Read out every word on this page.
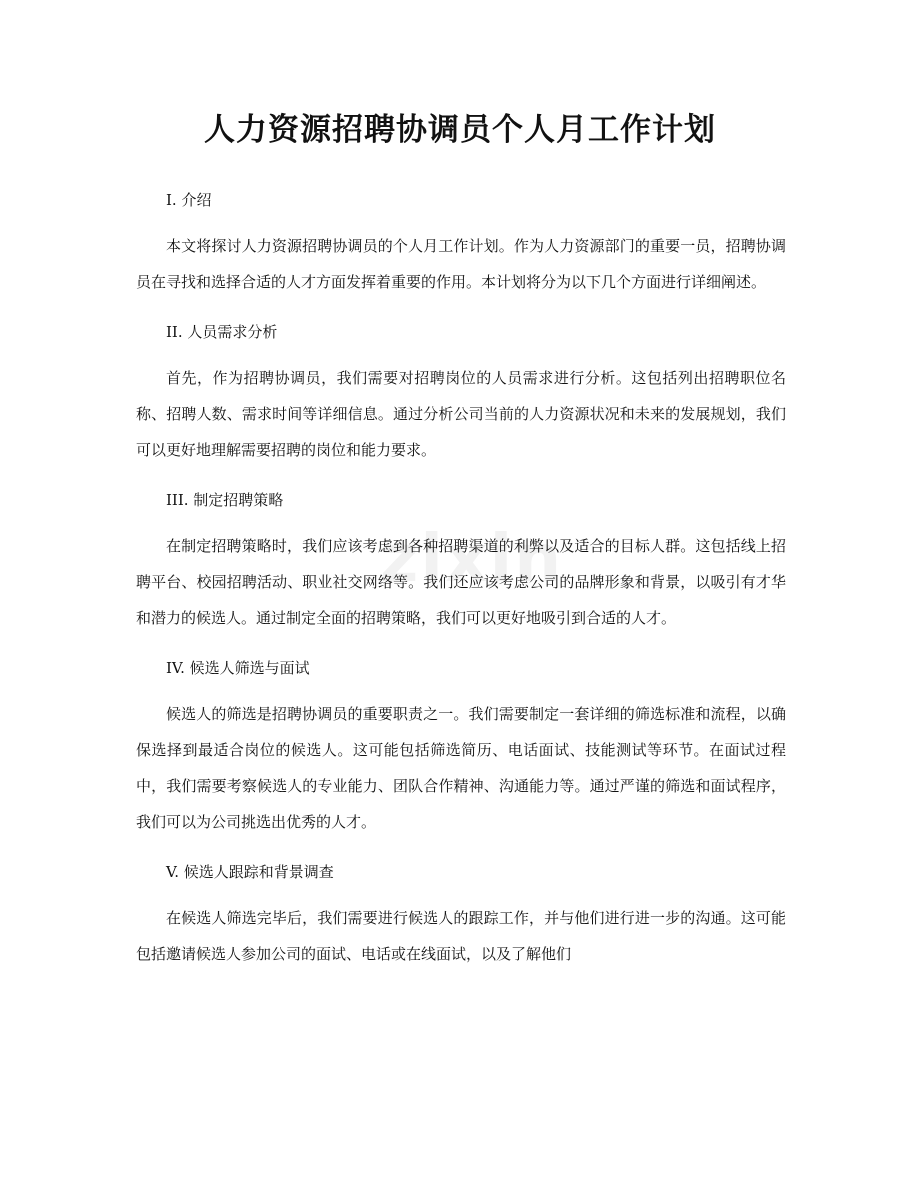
zixin
人力资源招聘协调员个人月工作计划

I. 介绍

本文将探讨人力资源招聘协调员的个人月工作计划。作为人力资源部门的重要一员，招聘协调员在寻找和选择合适的人才方面发挥着重要的作用。本计划将分为以下几个方面进行详细阐述。

II. 人员需求分析

首先，作为招聘协调员，我们需要对招聘岗位的人员需求进行分析。这包括列出招聘职位名称、招聘人数、需求时间等详细信息。通过分析公司当前的人力资源状况和未来的发展规划，我们可以更好地理解需要招聘的岗位和能力要求。

III. 制定招聘策略

在制定招聘策略时，我们应该考虑到各种招聘渠道的利弊以及适合的目标人群。这包括线上招聘平台、校园招聘活动、职业社交网络等。我们还应该考虑公司的品牌形象和背景，以吸引有才华和潜力的候选人。通过制定全面的招聘策略，我们可以更好地吸引到合适的人才。

IV. 候选人筛选与面试

候选人的筛选是招聘协调员的重要职责之一。我们需要制定一套详细的筛选标准和流程，以确保选择到最适合岗位的候选人。这可能包括筛选简历、电话面试、技能测试等环节。在面试过程中，我们需要考察候选人的专业能力、团队合作精神、沟通能力等。通过严谨的筛选和面试程序，我们可以为公司挑选出优秀的人才。

V. 候选人跟踪和背景调查

在候选人筛选完毕后，我们需要进行候选人的跟踪工作，并与他们进行进一步的沟通。这可能包括邀请候选人参加公司的面试、电话或在线面试，以及了解他们
